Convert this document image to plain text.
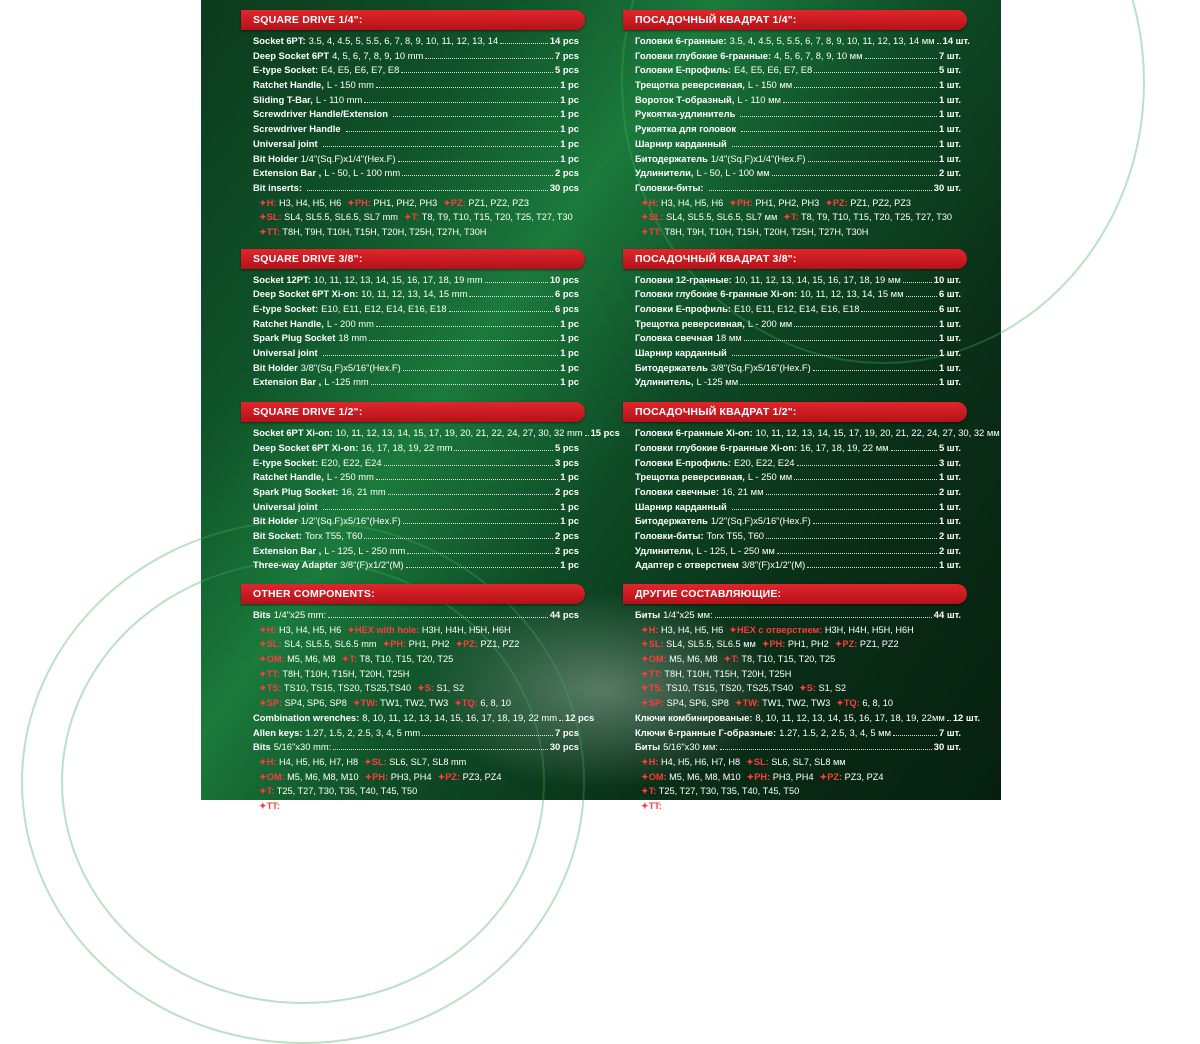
SQUARE DRIVE 1/4":
Socket 6PT: 3.5, 4, 4.5, 5, 5.5, 6, 7, 8, 9, 10, 11, 12, 13, 14	14 pcs
Deep Socket 6PT 4, 5, 6, 7, 8, 9, 10 mm	7 pcs
E-type Socket: E4, E5, E6, E7, E8	5 pcs
Ratchet Handle, L - 150 mm	1 pc
Sliding T-Bar, L - 110 mm	1 pc
Screwdriver Handle/Extension	1 pc
Screwdriver Handle	1 pc
Universal joint	1 pc
Bit Holder 1/4"(Sq.F)x1/4"(Hex.F)	1 pc
Extension Bar , L - 50, L - 100 mm	2 pcs
Bit inserts:	30 pcs
✦H: H3, H4, H5, H6 ✦PH: PH1, PH2, PH3 ✦PZ: PZ1, PZ2, PZ3
✦SL: SL4, SL5.5, SL6.5, SL7 mm ✦T: T8, T9, T10, T15, T20, T25, T27, T30
✦TT: T8H, T9H, T10H, T15H, T20H, T25H, T27H, T30H
SQUARE DRIVE 3/8":
Socket 12PT: 10, 11, 12, 13, 14, 15, 16, 17, 18, 19 mm	10 pcs
Deep Socket 6PT Xi-on: 10, 11, 12, 13, 14, 15 mm	6 pcs
E-type Socket: E10, E11, E12, E14, E16, E18	6 pcs
Ratchet Handle, L - 200 mm	1 pc
Spark Plug Socket 18 mm	1 pc
Universal joint	1 pc
Bit Holder 3/8"(Sq.F)x5/16"(Hex.F)	1 pc
Extension Bar , L -125 mm	1 pc
SQUARE DRIVE 1/2":
Socket 6PT Xi-on: 10, 11, 12, 13, 14, 15, 17, 19, 20, 21, 22, 24, 27, 30, 32 mm 15 pcs
Deep Socket 6PT Xi-on: 16, 17, 18, 19, 22 mm	5 pcs
E-type Socket: E20, E22, E24	3 pcs
Ratchet Handle, L - 250 mm	1 pc
Spark Plug Socket: 16, 21 mm	2 pcs
Universal joint	1 pc
Bit Holder 1/2"(Sq.F)x5/16"(Hex.F)	1 pc
Bit Socket: Torx T55, T60	2 pcs
Extension Bar , L - 125, L - 250 mm	2 pcs
Three-way Adapter 3/8"(F)x1/2"(M)	1 pc
OTHER COMPONENTS:
Bits 1/4"x25 mm:	44 pcs
✦H: H3, H4, H5, H6 ✦HEX with hole: H3H, H4H, H5H, H6H
✦SL: SL4, SL5.5, SL6.5 mm ✦PH: PH1, PH2 ✦PZ: PZ1, PZ2
✦OM: M5, M6, M8 ✦T: T8, T10, T15, T20, T25
✦TT: T8H, T10H, T15H, T20H, T25H
✦TS: TS10, TS15, TS20, TS25,TS40 ✦S: S1, S2
✦SP: SP4, SP6, SP8 ✦TW: TW1, TW2, TW3 ✦TQ: 6, 8, 10
Combination wrenches: 8, 10, 11, 12, 13, 14, 15, 16, 17, 18, 19, 22 mm 12 pcs
Allen keys: 1.27, 1.5, 2, 2.5, 3, 4, 5 mm	7 pcs
Bits 5/16"x30 mm:	30 pcs
✦H: H4, H5, H6, H7, H8 ✦SL: SL6, SL7, SL8 mm
✦OM: M5, M6, M8, M10 ✦PH: PH3, PH4 ✦PZ: PZ3, PZ4
✦T: T25, T27, T30, T35, T40, T45, T50
✦TT: T25H, T27H, T30H, T35H, T40H, T45H, T50H
ПОСАДОЧНЫЙ КВАДРАТ 1/4":
Головки 6-гранные: 3.5, 4, 4.5, 5, 5.5, 6, 7, 8, 9, 10, 11, 12, 13, 14 мм 14 шт.
Головки глубокие 6-гранные: 4, 5, 6, 7, 8, 9, 10 мм	7 шт.
Головки Е-профиль: E4, E5, E6, E7, E8	5 шт.
Трещотка реверсивная, L - 150 мм	1 шт.
Вороток Т-образный, L - 110 мм	1 шт.
Рукоятка-удлинитель	1 шт.
Рукоятка для головок	1 шт.
Шарнир карданный	1 шт.
Битодержатель 1/4"(Sq.F)x1/4"(Hex.F)	1 шт.
Удлинители, L - 50, L - 100 мм	2 шт.
Головки-биты:	30 шт.
✦H: H3, H4, H5, H6 ✦PH: PH1, PH2, PH3 ✦PZ: PZ1, PZ2, PZ3
✦SL: SL4, SL5.5, SL6.5, SL7 мм ✦T: T8, T9, T10, T15, T20, T25, T27, T30
✦TT: T8H, T9H, T10H, T15H, T20H, T25H, T27H, T30H
ПОСАДОЧНЫЙ КВАДРАТ 3/8":
Головки 12-гранные: 10, 11, 12, 13, 14, 15, 16, 17, 18, 19 мм	10 шт.
Головки глубокие 6-гранные Xi-on: 10, 11, 12, 13, 14, 15 мм	6 шт.
Головки Е-профиль: E10, E11, E12, E14, E16, E18	6 шт.
Трещотка реверсивная, L - 200 мм	1 шт.
Головка свечная 18 мм	1 шт.
Шарнир карданный	1 шт.
Битодержатель 3/8"(Sq.F)x5/16"(Hex.F)	1 шт.
Удлинитель, L -125 мм	1 шт.
ПОСАДОЧНЫЙ КВАДРАТ 1/2":
Головки 6-гранные Xi-on: 10, 11, 12, 13, 14, 15, 17, 19, 20, 21, 22, 24, 27, 30, 32 мм 15 шт.
Головки глубокие 6-гранные Xi-on: 16, 17, 18, 19, 22 мм	5 шт.
Головки Е-профиль: E20, E22, E24	3 шт.
Трещотка реверсивная, L - 250 мм	1 шт.
Головки свечные: 16, 21 мм	2 шт.
Шарнир карданный	1 шт.
Битодержатель 1/2"(Sq.F)x5/16"(Hex.F)	1 шт.
Головки-биты: Torx T55, T60	2 шт.
Удлинители, L - 125, L - 250 мм	2 шт.
Адаптер с отверстием 3/8"(F)x1/2"(M)	1 шт.
ДРУГИЕ СОСТАВЛЯЮЩИЕ:
Биты 1/4"x25 мм:	44 шт.
✦H: H3, H4, H5, H6 ✦HEX с отверстием: H3H, H4H, H5H, H6H
✦SL: SL4, SL5.5, SL6.5 мм ✦PH: PH1, PH2 ✦PZ: PZ1, PZ2
✦OM: M5, M6, M8 ✦T: T8, T10, T15, T20, T25
✦TT: T8H, T10H, T15H, T20H, T25H
✦TS: TS10, TS15, TS20, TS25,TS40 ✦S: S1, S2
✦SP: SP4, SP6, SP8 ✦TW: TW1, TW2, TW3 ✦TQ: 6, 8, 10
Ключи комбинированые: 8, 10, 11, 12, 13, 14, 15, 16, 17, 18, 19, 22мм 12 шт.
Ключи 6-гранные Г-образные: 1.27, 1.5, 2, 2.5, 3, 4, 5 мм	7 шт.
Биты 5/16"x30 мм:	30 шт.
✦H: H4, H5, H6, H7, H8 ✦SL: SL6, SL7, SL8 мм
✦OM: M5, M6, M8, M10 ✦PH: PH3, PH4 ✦PZ: PZ3, PZ4
✦T: T25, T27, T30, T35, T40, T45, T50
✦TT: T25H, T27H, T30H, T35H, T40H, T45H, T50H
